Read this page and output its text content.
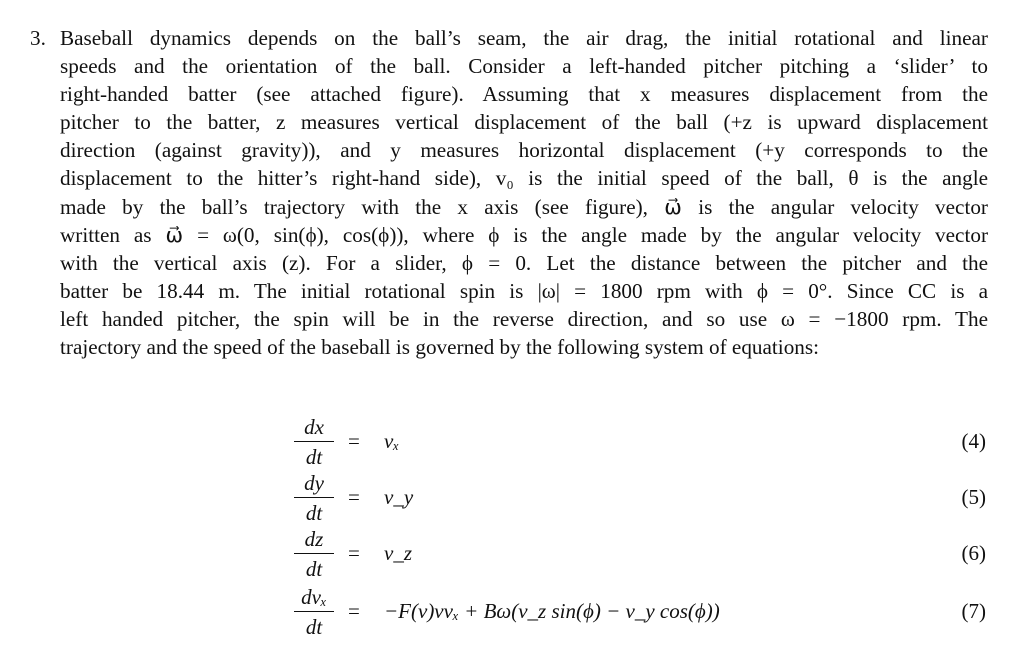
3. Baseball dynamics depends on the ball’s seam, the air drag, the initial rotational and linear
speeds and the orientation of the ball. Consider a left-handed pitcher pitching a ‘slider’ to
right-handed batter (see attached figure). Assuming that x measures displacement from the
pitcher to the batter, z measures vertical displacement of the ball (+z is upward displacement
direction (against gravity)), and y measures horizontal displacement (+y corresponds to the
displacement to the hitter’s right-hand side), v₀ is the initial speed of the ball, θ is the angle
made by the ball’s trajectory with the x axis (see figure), ω⃗ is the angular velocity vector
written as ω⃗ = ω(0, sin(ϕ), cos(ϕ)), where ϕ is the angle made by the angular velocity vector
with the vertical axis (z). For a slider, ϕ = 0. Let the distance between the pitcher and the
batter be 18.44 m. The initial rotational spin is |ω| = 1800 rpm with ϕ = 0°. Since CC is a
left handed pitcher, the spin will be in the reverse direction, and so use ω = −1800 rpm. The
trajectory and the speed of the baseball is governed by the following system of equations:
dx
dt
= vₓ	(4)
dy
dt
= v_y	(5)
dz
dt
= v_z	(6)
dvₓ
dt
= −F(v)vvₓ + Bω(v_z sin(ϕ) − v_y cos(ϕ))	(7)
